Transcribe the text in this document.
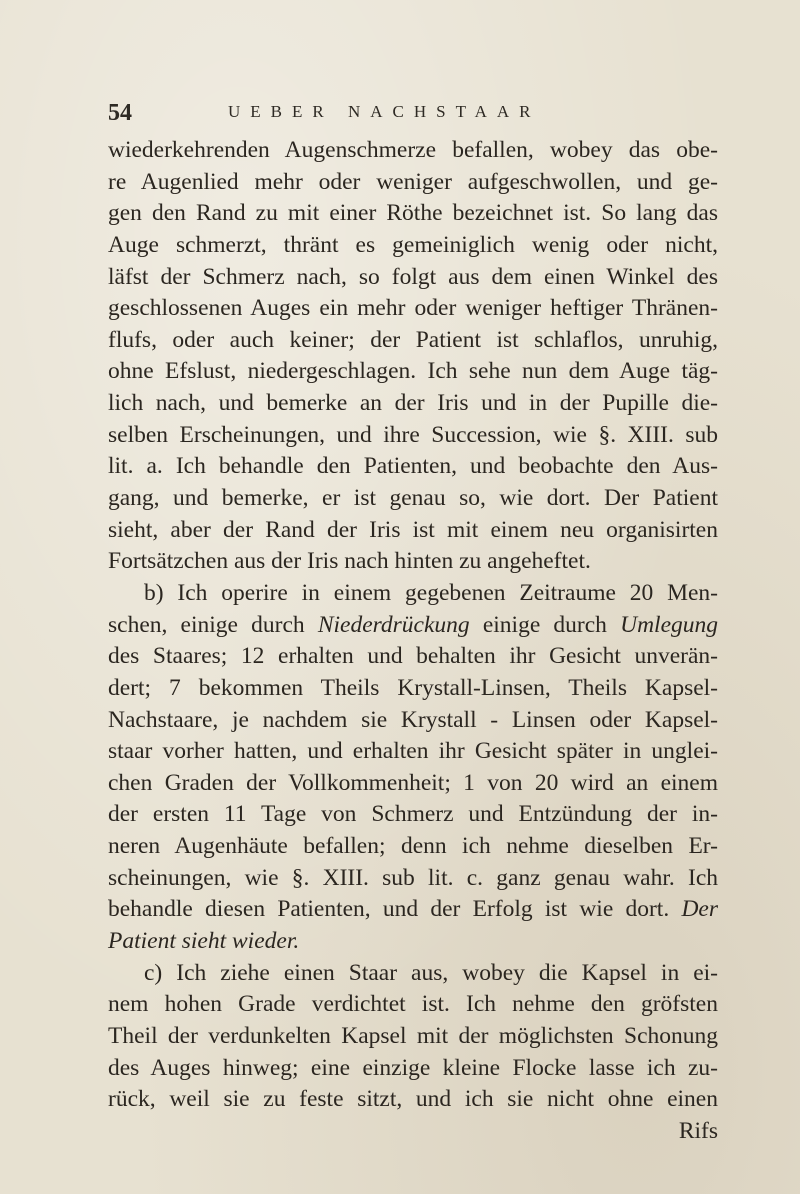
54	UEBER NACHSTAAR
wiederkehrenden Augenschmerze befallen, wobey das obe-
re Augenlied mehr oder weniger aufgeschwollen, und ge-
gen den Rand zu mit einer Röthe bezeichnet ist. So lang das
Auge schmerzt, thränt es gemeiniglich wenig oder nicht,
läfst der Schmerz nach, so folgt aus dem einen Winkel des
geschlossenen Auges ein mehr oder weniger heftiger Thränen-
flufs, oder auch keiner; der Patient ist schlaflos, unruhig,
ohne Efslust, niedergeschlagen. Ich sehe nun dem Auge täg-
lich nach, und bemerke an der Iris und in der Pupille die-
selben Erscheinungen, und ihre Succession, wie §. XIII. sub
lit. a. Ich behandle den Patienten, und beobachte den Aus-
gang, und bemerke, er ist genau so, wie dort. Der Patient
sieht, aber der Rand der Iris ist mit einem neu organisirten
Fortsätzchen aus der Iris nach hinten zu angeheftet.
b) Ich operire in einem gegebenen Zeitraume 20 Men-
schen, einige durch Niederdrückung einige durch Umlegung
des Staares; 12 erhalten und behalten ihr Gesicht unverän-
dert; 7 bekommen Theils Krystall-Linsen, Theils Kapsel-
Nachstaare, je nachdem sie Krystall - Linsen oder Kapsel-
staar vorher hatten, und erhalten ihr Gesicht später in unglei-
chen Graden der Vollkommenheit; 1 von 20 wird an einem
der ersten 11 Tage von Schmerz und Entzündung der in-
neren Augenhäute befallen; denn ich nehme dieselben Er-
scheinungen, wie §. XIII. sub lit. c. ganz genau wahr. Ich
behandle diesen Patienten, und der Erfolg ist wie dort. Der
Patient sieht wieder.
c) Ich ziehe einen Staar aus, wobey die Kapsel in ei-
nem hohen Grade verdichtet ist. Ich nehme den gröfsten
Theil der verdunkelten Kapsel mit der möglichsten Schonung
des Auges hinweg; eine einzige kleine Flocke lasse ich zu-
rück, weil sie zu feste sitzt, und ich sie nicht ohne einen
Rifs
